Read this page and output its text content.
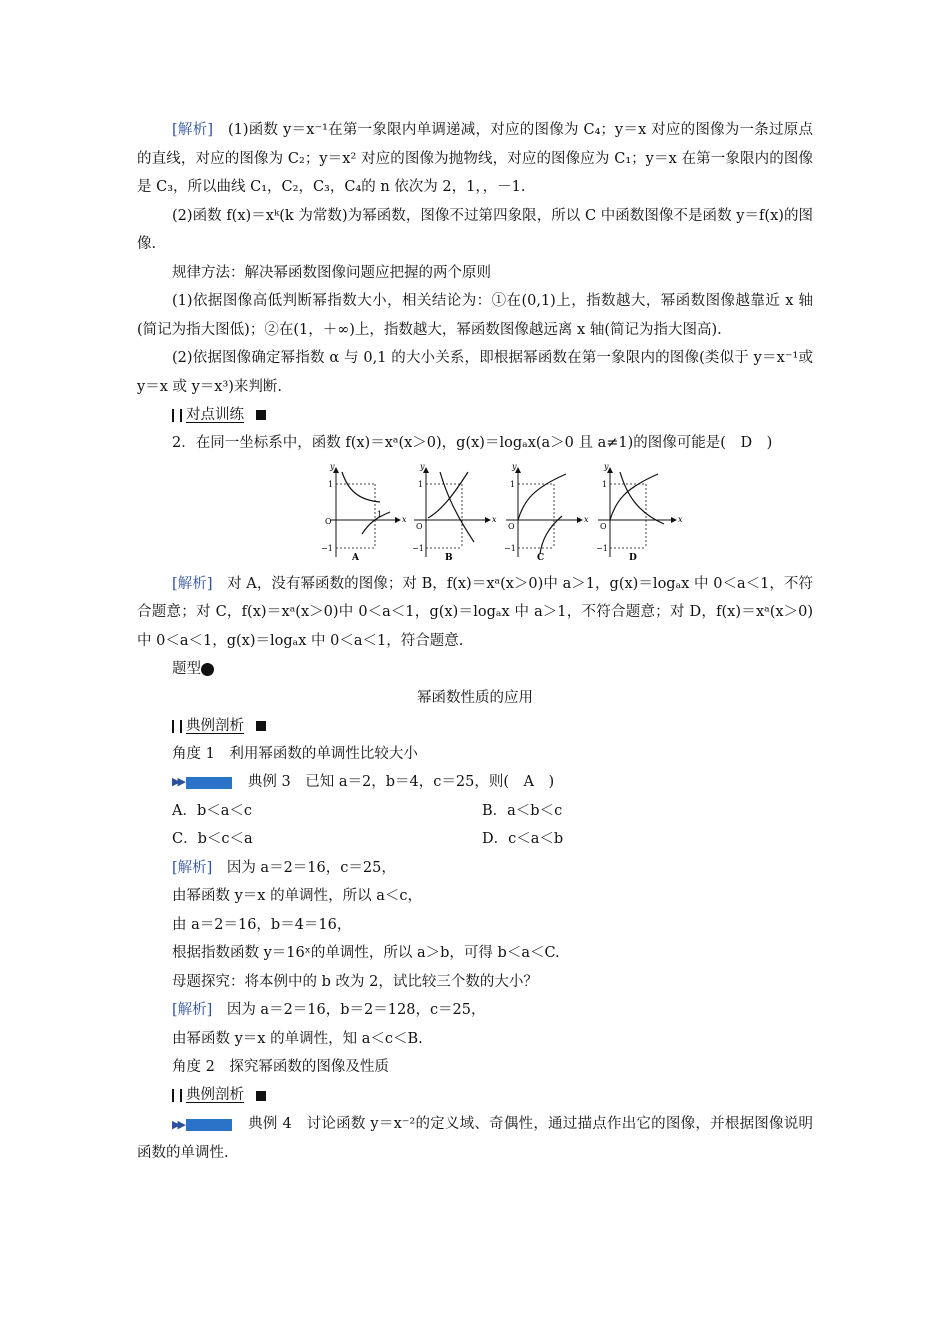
[解析]　 (1)函数 y＝x⁻¹在第一象限内单调递减，对应的图像为 C₄；y＝x 对应的图像为一条过原点的直线，对应的图像为 C₂；y＝x² 对应的图像为抛物线，对应的图像应为 C₁；y＝x 在第一象限内的图像是 C₃，所以曲线 C₁，C₂，C₃，C₄的 n 依次为 2，1，，－1.

(2)函数 f(x)＝xᵏ(k 为常数)为幂函数，图像不过第四象限，所以 C 中函数图像不是函数 y＝f(x)的图像.

规律方法：解决幂函数图像问题应把握的两个原则

(1)依据图像高低判断幂指数大小，相关结论为：①在(0,1)上，指数越大，幂函数图像越靠近 x 轴(简记为指大图低)；②在(1，＋∞)上，指数越大，幂函数图像越远离 x 轴(简记为指大图高).

(2)依据图像确定幂指数 α 与 0,1 的大小关系，即根据幂函数在第一象限内的图像(类似于 y＝x⁻¹或 y＝x 或 y＝x³)来判断.

对点训练

2．在同一坐标系中，函数 f(x)＝xᵃ(x＞0)，g(x)＝logₐx(a＞0 且 a≠1)的图像可能是(　D　)

y
x
1
O
−1
1
A
y
x
1
O
−1
B
y
x
1
O
−1
C
y
x
1
O
−1
D

[解析]　 对 A，没有幂函数的图像；对 B，f(x)＝xᵃ(x＞0)中 a＞1，g(x)＝logₐx 中 0＜a＜1，不符合题意；对 C，f(x)＝xᵃ(x＞0)中 0＜a＜1，g(x)＝logₐx 中 a＞1，不符合题意；对 D，f(x)＝xᵃ(x＞0)中 0＜a＜1，g(x)＝logₐx 中 0＜a＜1，符合题意.

题型	三

幂函数性质的应用

典例剖析

角度 1　利用幂函数的单调性比较大小

▶▶	典例 3　已知 a＝2，b＝4，c＝25，则(　A　)
A．b＜a＜c	B．a＜b＜c
C．b＜c＜a	D．c＜a＜b

[解析]　 因为 a＝2＝16，c＝25，

由幂函数 y＝x 的单调性，所以 a＜c，

由 a＝2＝16，b＝4＝16，

根据指数函数 y＝16ˣ的单调性，所以 a＞b，可得 b＜a＜C.

母题探究：将本例中的 b 改为 2，试比较三个数的大小？

[解析]　 因为 a＝2＝16，b＝2＝128，c＝25，

由幂函数 y＝x 的单调性，知 a＜c＜B.

角度 2　探究幂函数的图像及性质

典例剖析

▶▶	典例 4　讨论函数 y＝x⁻²的定义域、奇偶性，通过描点作出它的图像，并根据图像说明函数的单调性.
